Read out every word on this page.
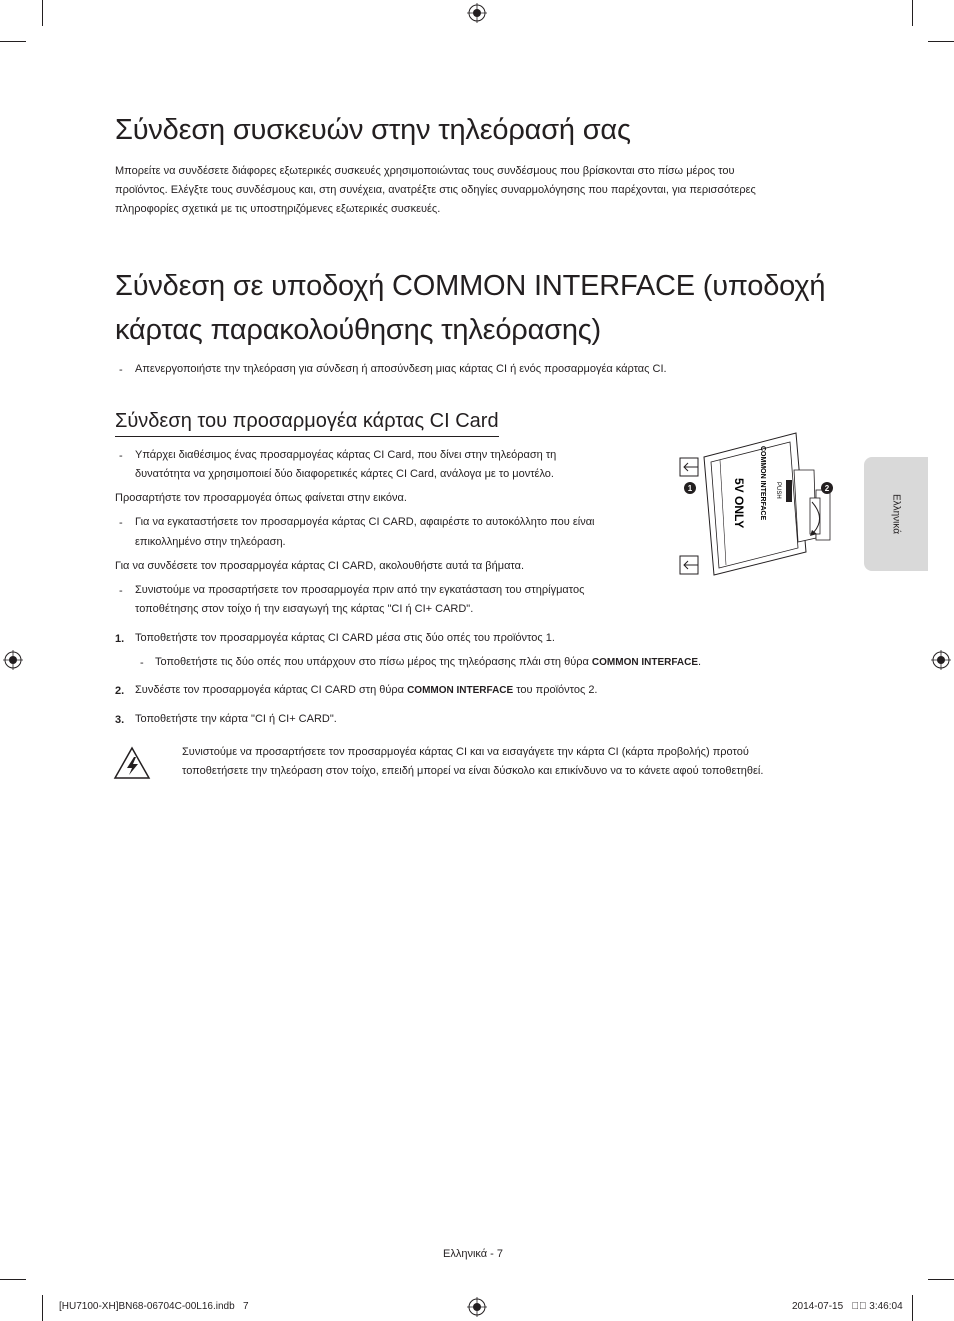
Σύνδεση συσκευών στην τηλεόρασή σας

Μπορείτε να συνδέσετε διάφορες εξωτερικές συσκευές χρησιμοποιώντας τους συνδέσμους που βρίσκονται στο πίσω μέρος του

προϊόντος. Ελέγξτε τους συνδέσμους και, στη συνέχεια, ανατρέξτε στις οδηγίες συναρμολόγησης που παρέχονται, για περισσότερες

πληροφορίες σχετικά με τις υποστηριζόμενες εξωτερικές συσκευές.

Σύνδεση σε υποδοχή COMMON INTERFACE (υποδοχή
κάρτας παρακολούθησης τηλεόρασης)
- Απενεργοποιήστε την τηλεόραση για σύνδεση ή αποσύνδεση μιας κάρτας CI ή ενός προσαρμογέα κάρτας CI.

Σύνδεση του προσαρμογέα κάρτας CI Card
- Υπάρχει διαθέσιμος ένας προσαρμογέας κάρτας CI Card, που δίνει στην τηλεόραση τη

δυνατότητα να χρησιμοποιεί δύο διαφορετικές κάρτες CI Card, ανάλογα με το μοντέλο.

Προσαρτήστε τον προσαρμογέα όπως φαίνεται στην εικόνα.

- Για να εγκαταστήσετε τον προσαρμογέα κάρτας CI CARD, αφαιρέστε το αυτοκόλλητο που είναι

επικολλημένο στην τηλεόραση.

Για να συνδέσετε τον προσαρμογέα κάρτας CI CARD, ακολουθήστε αυτά τα βήματα.

- Συνιστούμε να προσαρτήσετε τον προσαρμογέα πριν από την εγκατάσταση του στηρίγματος

τοποθέτησης στον τοίχο ή την εισαγωγή της κάρτας "CI ή CI+ CARD".

1. Τοποθετήστε τον προσαρμογέα κάρτας CI CARD μέσα στις δύο οπές του προϊόντος 1.

- Τοποθετήστε τις δύο οπές που υπάρχουν στο πίσω μέρος της τηλεόρασης πλάι στη θύρα COMMON INTERFACE.

2. Συνδέστε τον προσαρμογέα κάρτας CI CARD στη θύρα COMMON INTERFACE του προϊόντος 2.

3. Τοποθετήστε την κάρτα "CI ή CI+ CARD".

Συνιστούμε να προσαρτήσετε τον προσαρμογέα κάρτας CI και να εισαγάγετε την κάρτα CI (κάρτα προβολής) προτού

τοποθετήσετε την τηλεόραση στον τοίχο, επειδή μπορεί να είναι δύσκολο και επικίνδυνο να το κάνετε αφού τοποθετηθεί.

PUSH
COMMON INTERFACE
5V ONLY
1	2
Ελληνικά

Ελληνικά - 7

[HU7100-XH]BN68-06704C-00L16.indb   7	2014-07-15   ￿￿ 3:46:04
